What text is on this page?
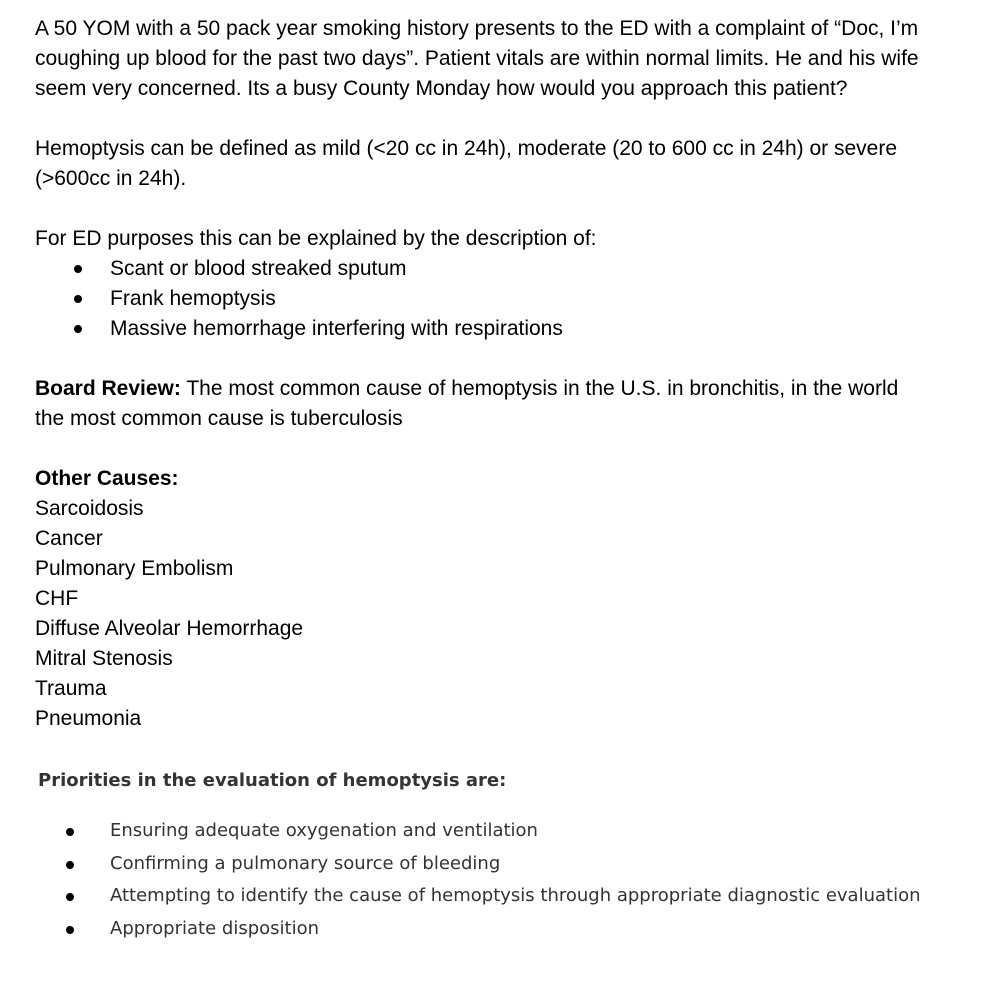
A 50 YOM with a 50 pack year smoking history presents to the ED with a complaint of “Doc, I’m

coughing up blood for the past two days”. Patient vitals are within normal limits. He and his wife

seem very concerned. Its a busy County Monday how would you approach this patient?

Hemoptysis can be defined as mild (<20 cc in 24h), moderate (20 to 600 cc in 24h) or severe

(>600cc in 24h).

For ED purposes this can be explained by the description of:

Scant or blood streaked sputum
Frank hemoptysis
Massive hemorrhage interfering with respirations

Board Review: The most common cause of hemoptysis in the U.S. in bronchitis, in the world

the most common cause is tuberculosis

Other Causes:

Sarcoidosis

Cancer

Pulmonary Embolism

CHF

Diffuse Alveolar Hemorrhage

Mitral Stenosis

Trauma

Pneumonia

Priorities in the evaluation of hemoptysis are:
Ensuring adequate oxygenation and ventilation
Confirming a pulmonary source of bleeding
Attempting to identify the cause of hemoptysis through appropriate diagnostic evaluation
Appropriate disposition
